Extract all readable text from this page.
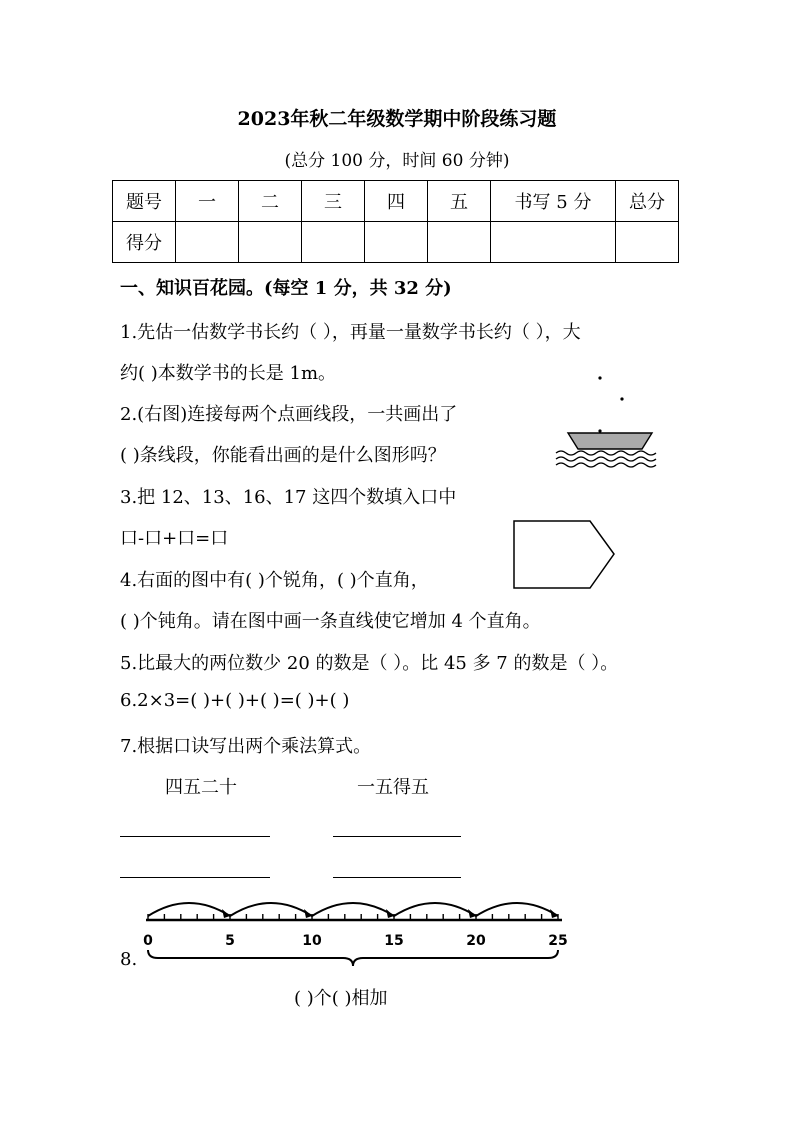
2023年秋二年级数学期中阶段练习题
(总分 100 分，时间 60 分钟)
题号	一	二	三	四	五	书写 5 分	总分
得分							
一、知识百花园。(每空 1 分，共 32 分)
1.先估一估数学书长约（ ），再量一量数学书长约（ ），大
约( )本数学书的长是 1m。
2.(右图)连接每两个点画线段，一共画出了
( )条线段，你能看出画的是什么图形吗？
3.把 12、13、16、17 这四个数填入口中
口-口+口=口
4.右面的图中有( )个锐角，( )个直角，
( )个钝角。请在图中画一条直线使它增加 4 个直角。
5.比最大的两位数少 20 的数是（ ）。比 45 多 7 的数是（ ）。
6.2×3=( )+( )+( )=( )+( )
7.根据口诀写出两个乘法算式。
四五二十	一五得五
0	5	10	15	20	25
8.
( )个( )相加
